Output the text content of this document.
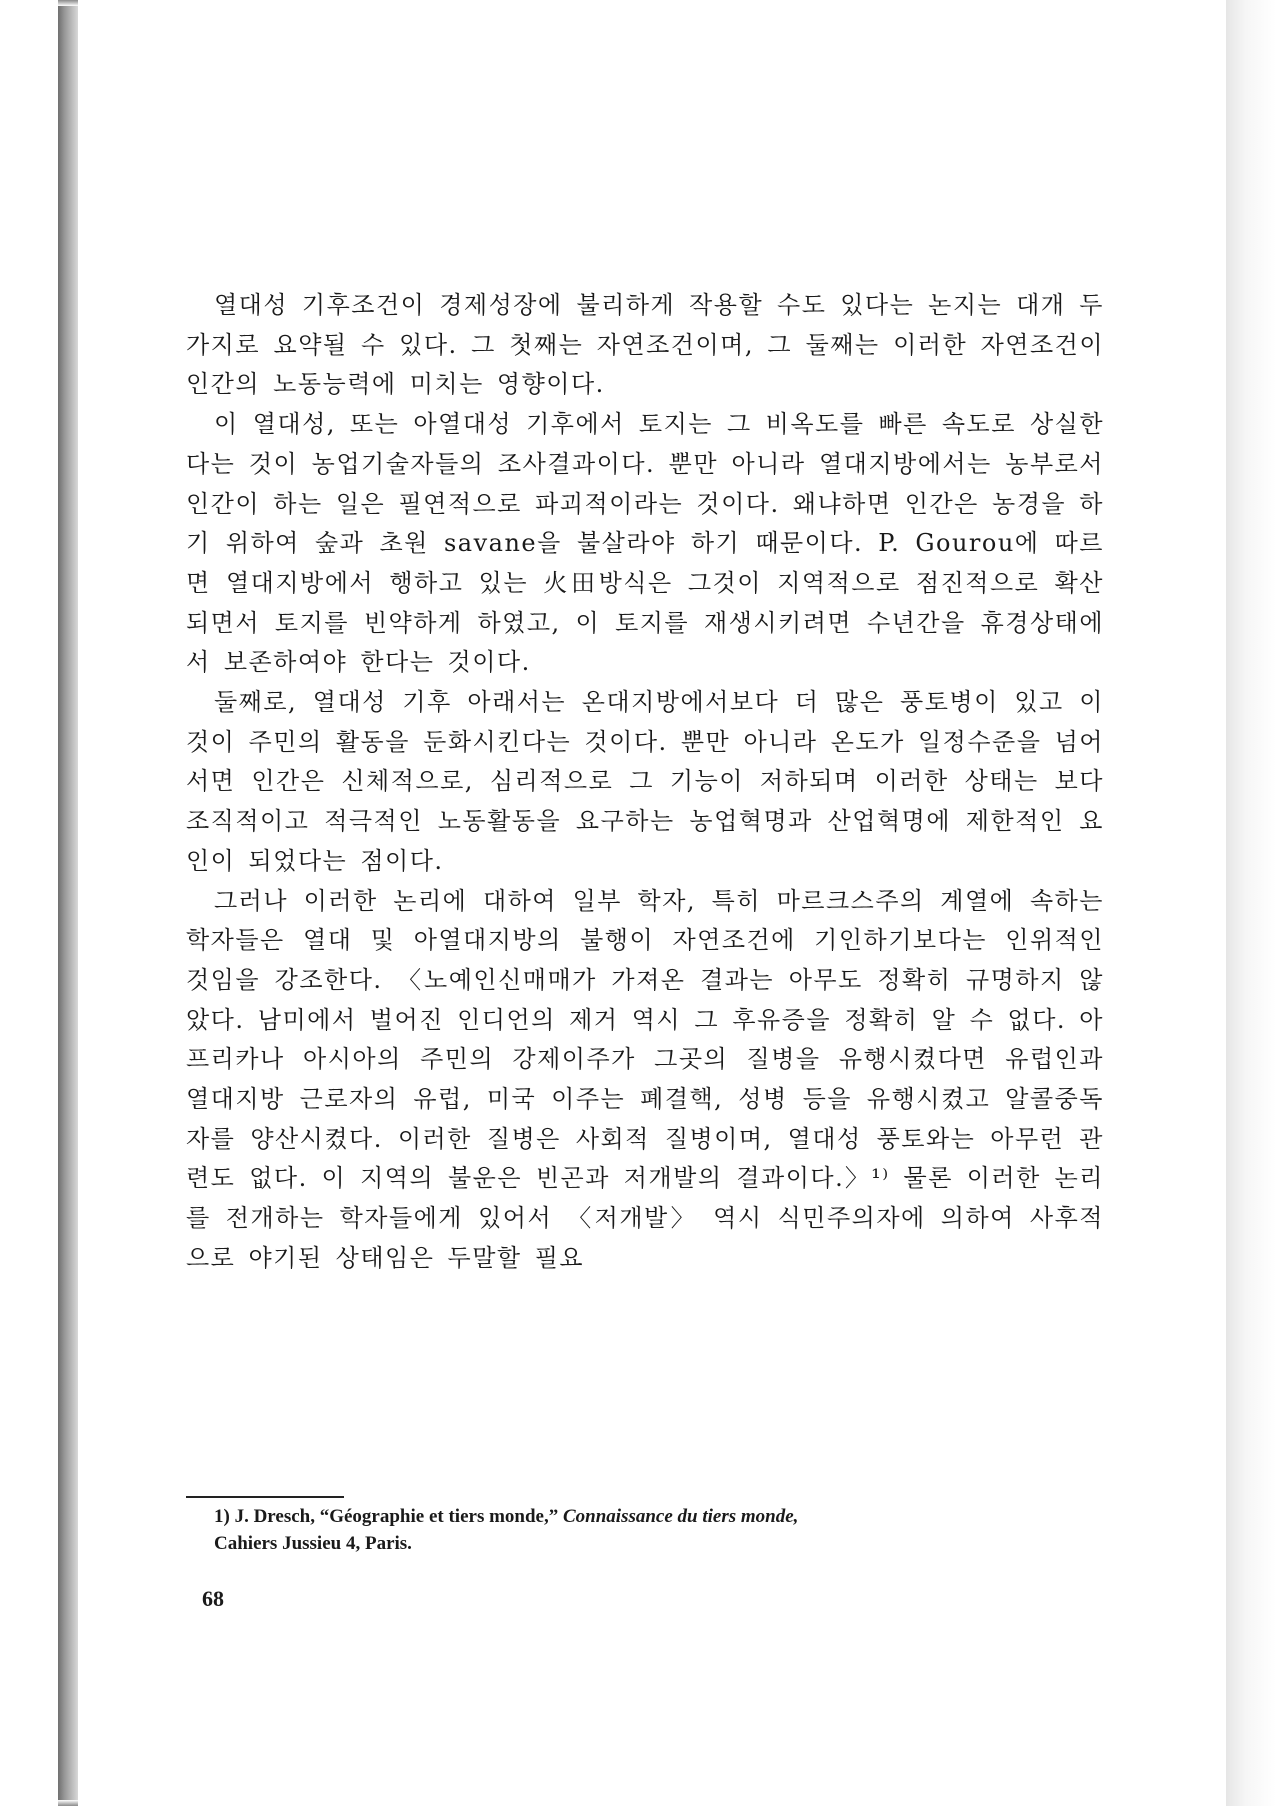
열대성 기후조건이 경제성장에 불리하게 작용할 수도 있다는 논지는 대개 두 가지로 요약될 수 있다. 그 첫째는 자연조건이며, 그 둘째는 이러한 자연조건이 인간의 노동능력에 미치는 영향이다.

이 열대성, 또는 아열대성 기후에서 토지는 그 비옥도를 빠른 속도로 상실한다는 것이 농업기술자들의 조사결과이다. 뿐만 아니라 열대지방에서는 농부로서 인간이 하는 일은 필연적으로 파괴적이라는 것이다. 왜냐하면 인간은 농경을 하기 위하여 숲과 초원 savane을 불살라야 하기 때문이다. P. Gourou에 따르면 열대지방에서 행하고 있는 火田방식은 그것이 지역적으로 점진적으로 확산되면서 토지를 빈약하게 하였고, 이 토지를 재생시키려면 수년간을 휴경상태에서 보존하여야 한다는 것이다.

둘째로, 열대성 기후 아래서는 온대지방에서보다 더 많은 풍토병이 있고 이것이 주민의 활동을 둔화시킨다는 것이다. 뿐만 아니라 온도가 일정수준을 넘어서면 인간은 신체적으로, 심리적으로 그 기능이 저하되며 이러한 상태는 보다 조직적이고 적극적인 노동활동을 요구하는 농업혁명과 산업혁명에 제한적인 요인이 되었다는 점이다.

그러나 이러한 논리에 대하여 일부 학자, 특히 마르크스주의 계열에 속하는 학자들은 열대 및 아열대지방의 불행이 자연조건에 기인하기보다는 인위적인 것임을 강조한다. 〈노예인신매매가 가져온 결과는 아무도 정확히 규명하지 않았다. 남미에서 벌어진 인디언의 제거 역시 그 후유증을 정확히 알 수 없다. 아프리카나 아시아의 주민의 강제이주가 그곳의 질병을 유행시켰다면 유럽인과 열대지방 근로자의 유럽, 미국 이주는 폐결핵, 성병 등을 유행시켰고 알콜중독자를 양산시켰다. 이러한 질병은 사회적 질병이며, 열대성 풍토와는 아무런 관련도 없다. 이 지역의 불운은 빈곤과 저개발의 결과이다.〉¹⁾ 물론 이러한 논리를 전개하는 학자들에게 있어서 〈저개발〉 역시 식민주의자에 의하여 사후적으로 야기된 상태임은 두말할 필요

1) J. Dresch, “Géographie et tiers monde,” Connaissance du tiers monde,
Cahiers Jussieu 4, Paris.
68
